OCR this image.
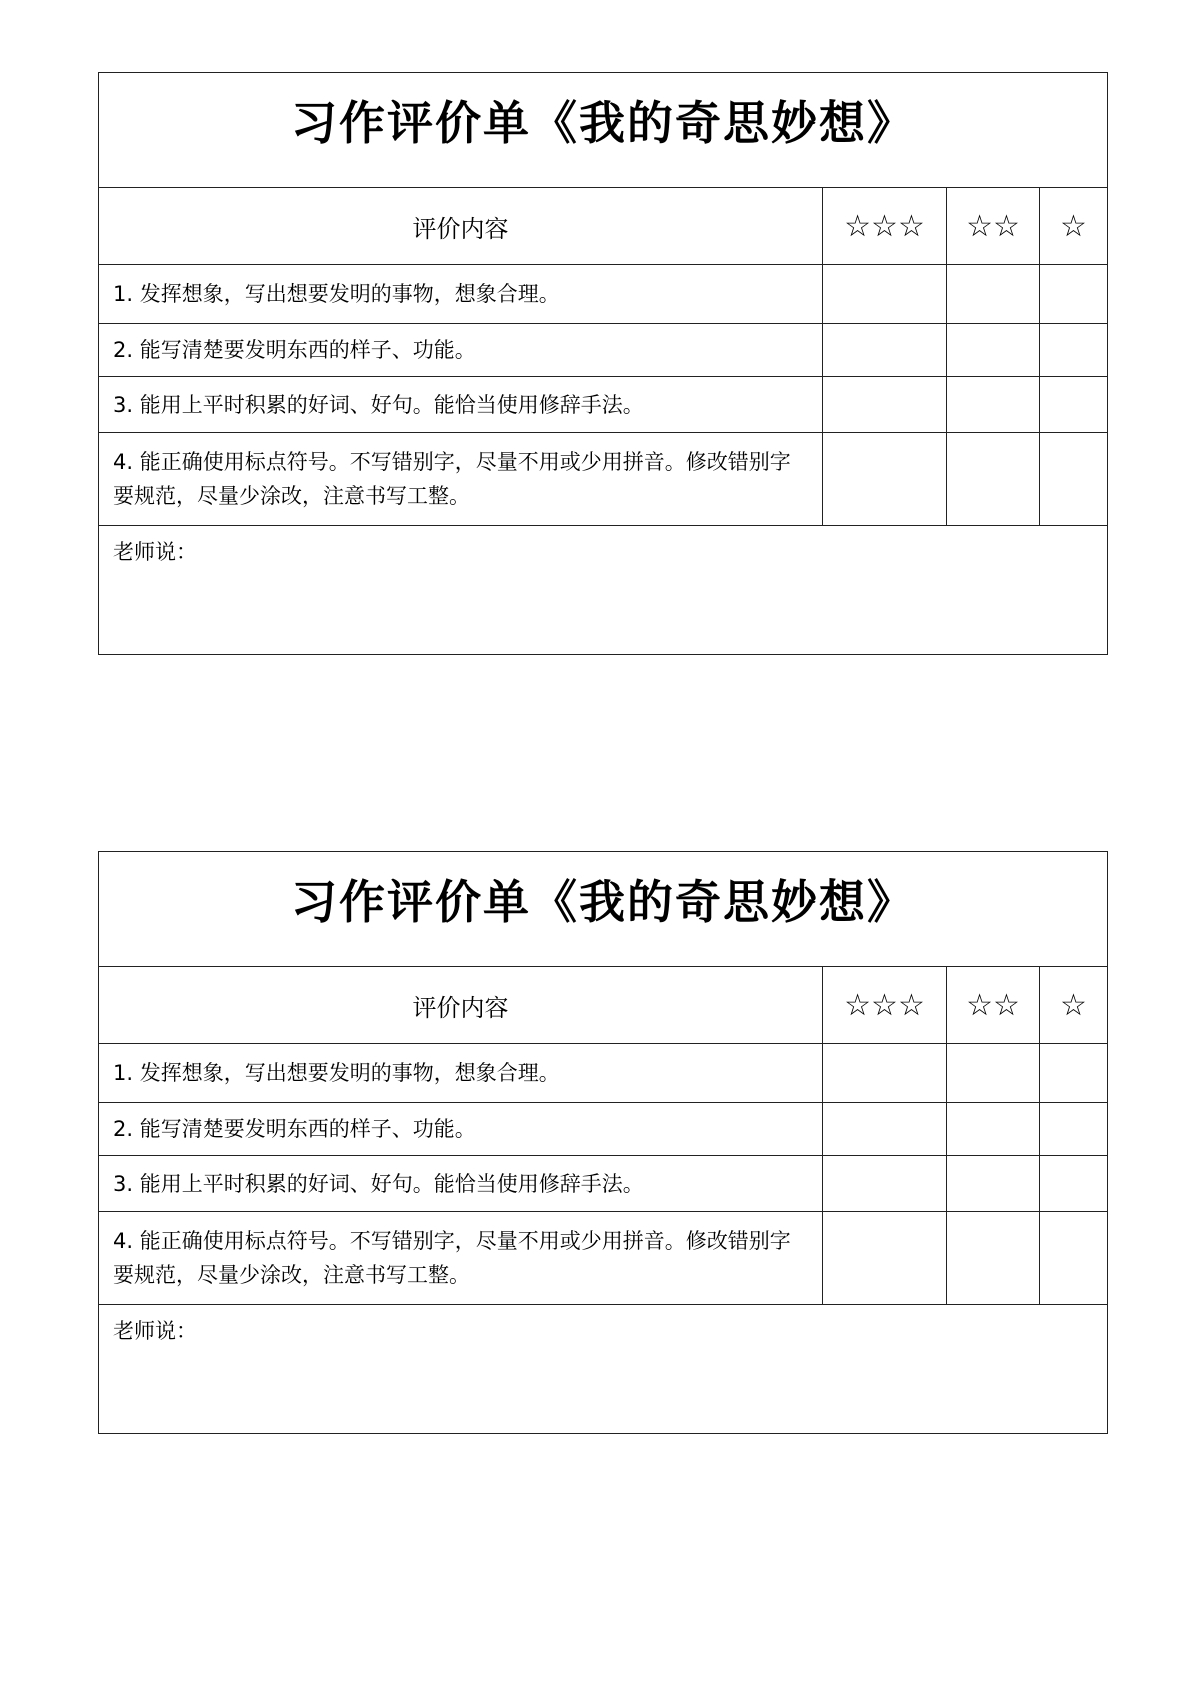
习作评价单《我的奇思妙想》			

评价内容	☆☆☆	☆☆	☆
1. 发挥想象，写出想要发明的事物，想象合理。			
2. 能写清楚要发明东西的样子、功能。			
3. 能用上平时积累的好词、好句。能恰当使用修辞手法。			
4. 能正确使用标点符号。不写错别字，尽量不用或少用拼音。修改错别字要规范，尽量少涂改，注意书写工整。			
老师说：			
习作评价单《我的奇思妙想》			

评价内容	☆☆☆	☆☆	☆
1. 发挥想象，写出想要发明的事物，想象合理。			
2. 能写清楚要发明东西的样子、功能。			
3. 能用上平时积累的好词、好句。能恰当使用修辞手法。			
4. 能正确使用标点符号。不写错别字，尽量不用或少用拼音。修改错别字要规范，尽量少涂改，注意书写工整。			
老师说：			
